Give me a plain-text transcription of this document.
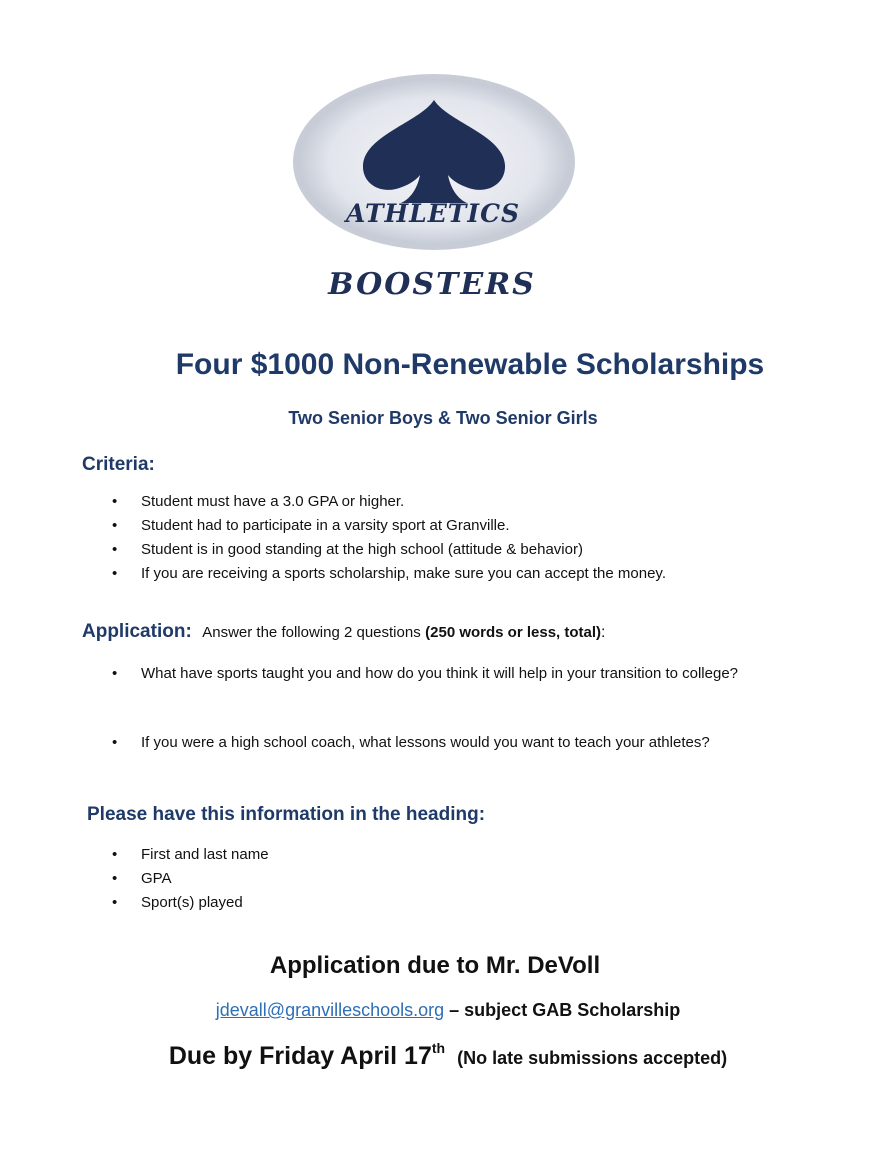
ATHLETICS
BOOSTERS
Four $1000 Non-Renewable Scholarships
Two Senior Boys & Two Senior Girls
Criteria:
• Student must have a 3.0 GPA or higher.
• Student had to participate in a varsity sport at Granville.
• Student is in good standing at the high school (attitude & behavior)
• If you are receiving a sports scholarship, make sure you can accept the money.
Application: Answer the following 2 questions (250 words or less, total):
• What have sports taught you and how do you think it will help in your transition to college?
• If you were a high school coach, what lessons would you want to teach your athletes?
Please have this information in the heading:
• First and last name
• GPA
• Sport(s) played
Application due to Mr. DeVoll
jdevall@granvilleschools.org – subject GAB Scholarship
Due by Friday April 17th (No late submissions accepted)
